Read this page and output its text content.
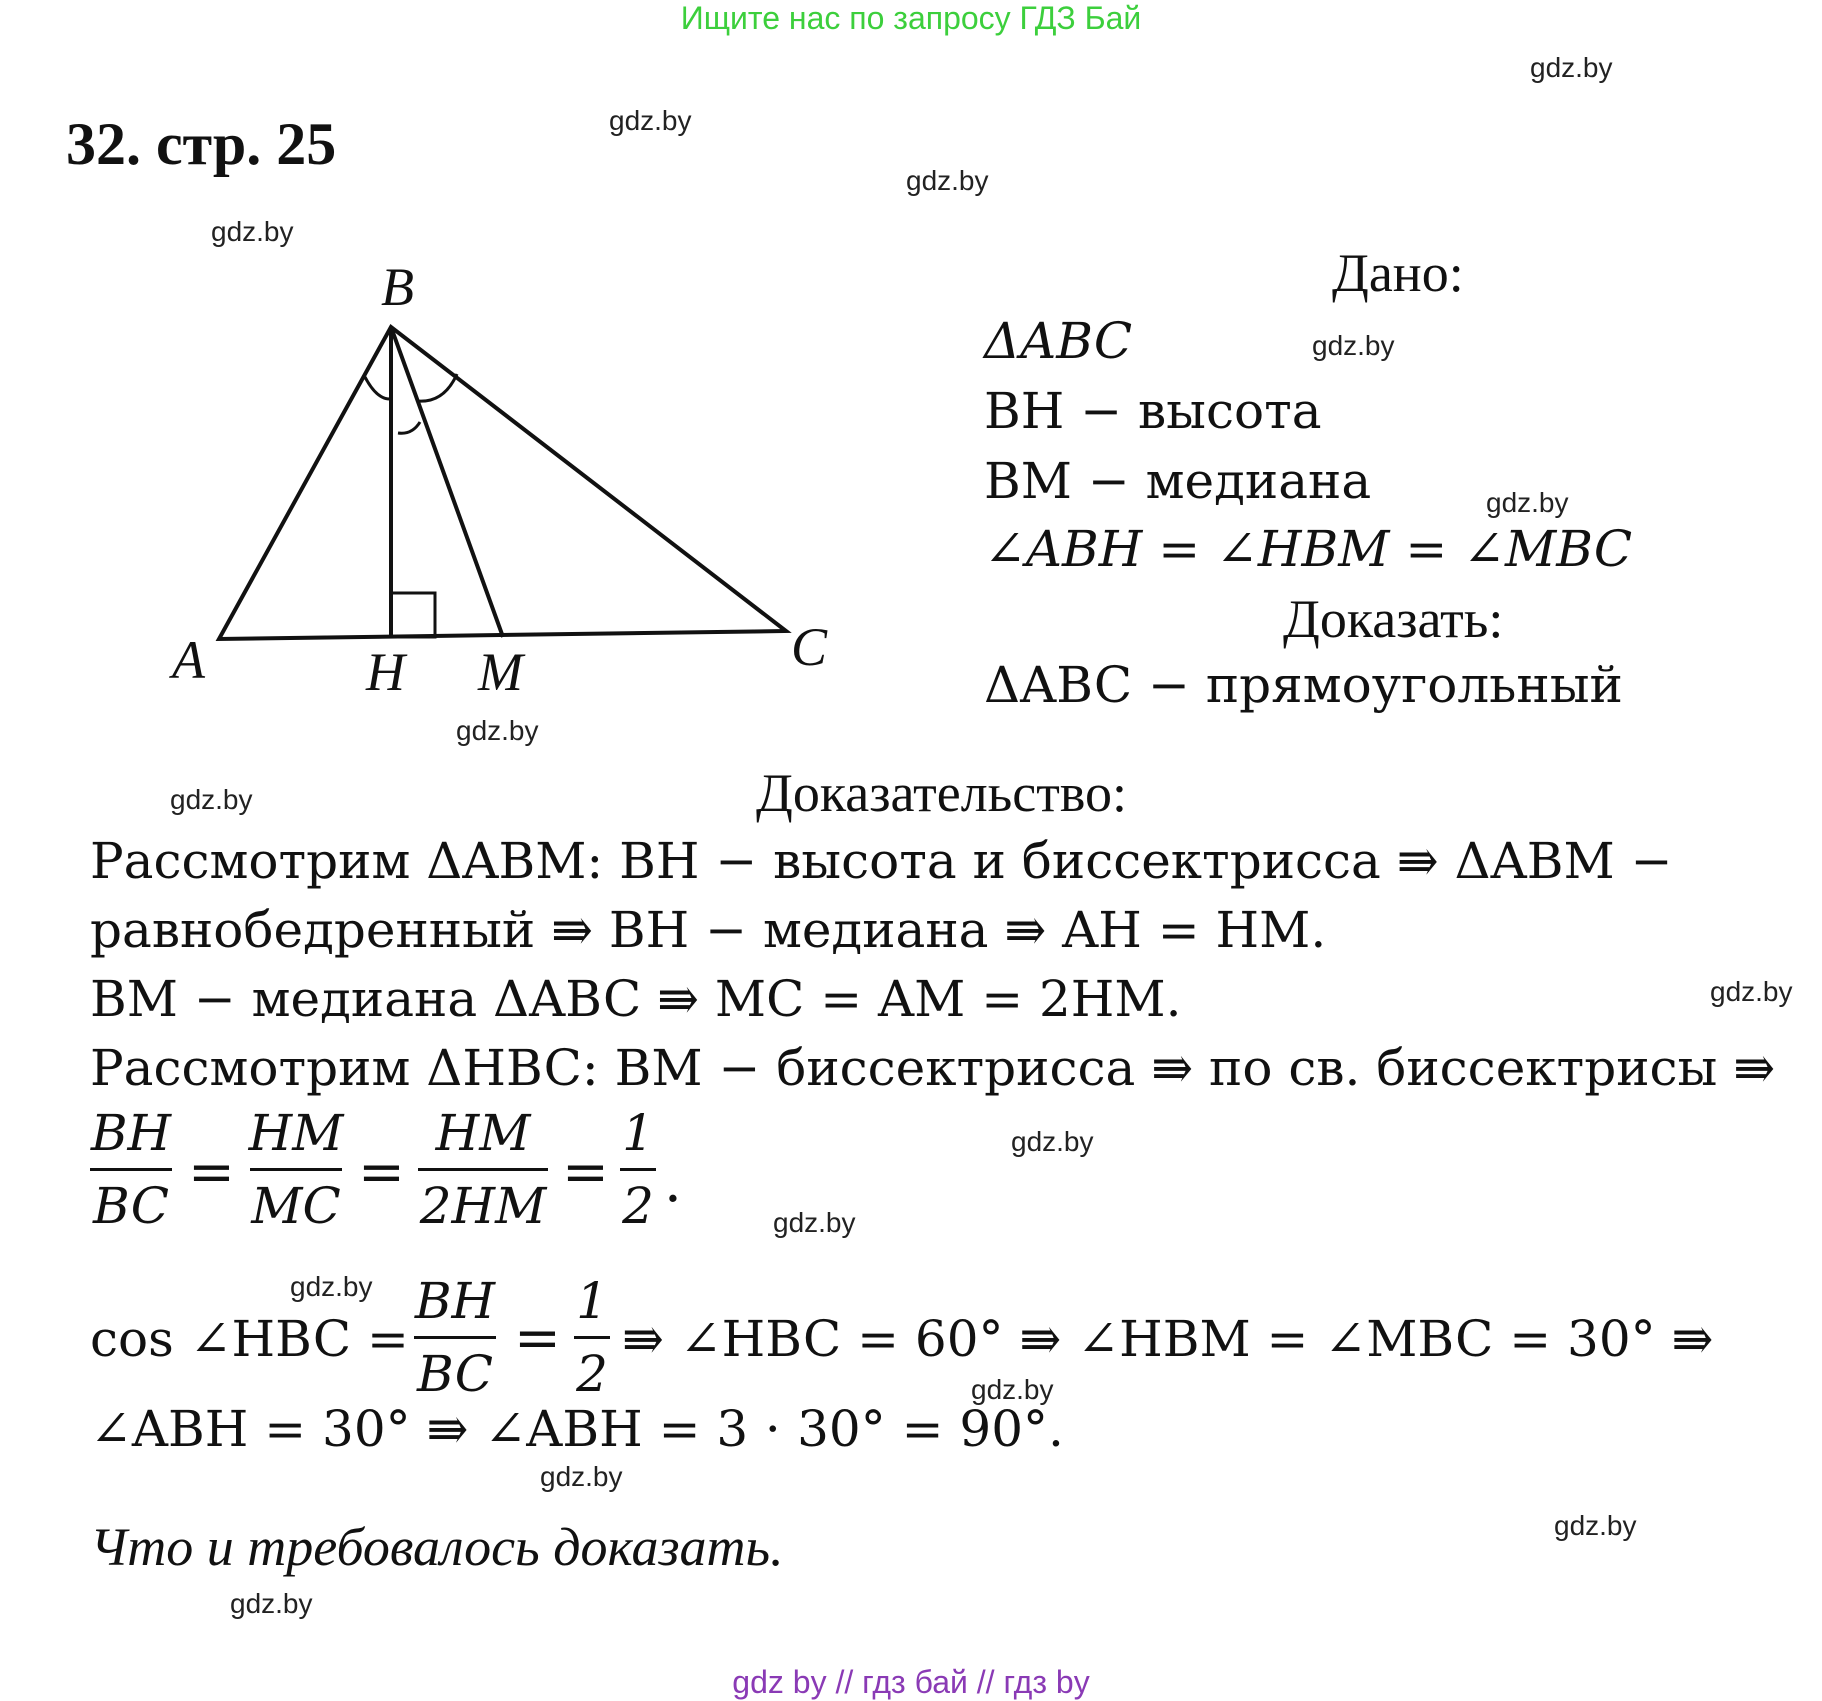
Ищите нас по запросу ГДЗ Бай
32. стр. 25
gdz.by
gdz.by
gdz.by
gdz.by
gdz.by
gdz.by
gdz.by
gdz.by
gdz.by
gdz.by
gdz.by
gdz.by
gdz.by
gdz.by
gdz.by
gdz.by
B
A	C
H M
Дано:
ΔABC
BH − высота
BM − медиана
∠ABH = ∠HBM = ∠MBC
Доказать:
ΔABC − прямоугольный
Доказательство:
Рассмотрим ΔABM: BH − высота и биссектрисса ⇛ ΔABM −
равнобедренный ⇛ BH − медиана ⇛ AH = HM.
BM − медиана ΔABC ⇛ MC = AM = 2HM.
Рассмотрим ΔHBC: BM − биссектрисса ⇛ по св. биссектрисы ⇛
BH
BC
=
HM
MC
=
HM
2HM
=
1
2 .
cos ∠HBC =
BH
BC
=
1
2
⇛ ∠HBC = 60° ⇛ ∠HBM = ∠MBC = 30° ⇛
∠ABH = 30° ⇛ ∠ABH = 3 ⋅ 30° = 90°.
Что и требовалось доказать.
gdz by // гдз бай // гдз by
